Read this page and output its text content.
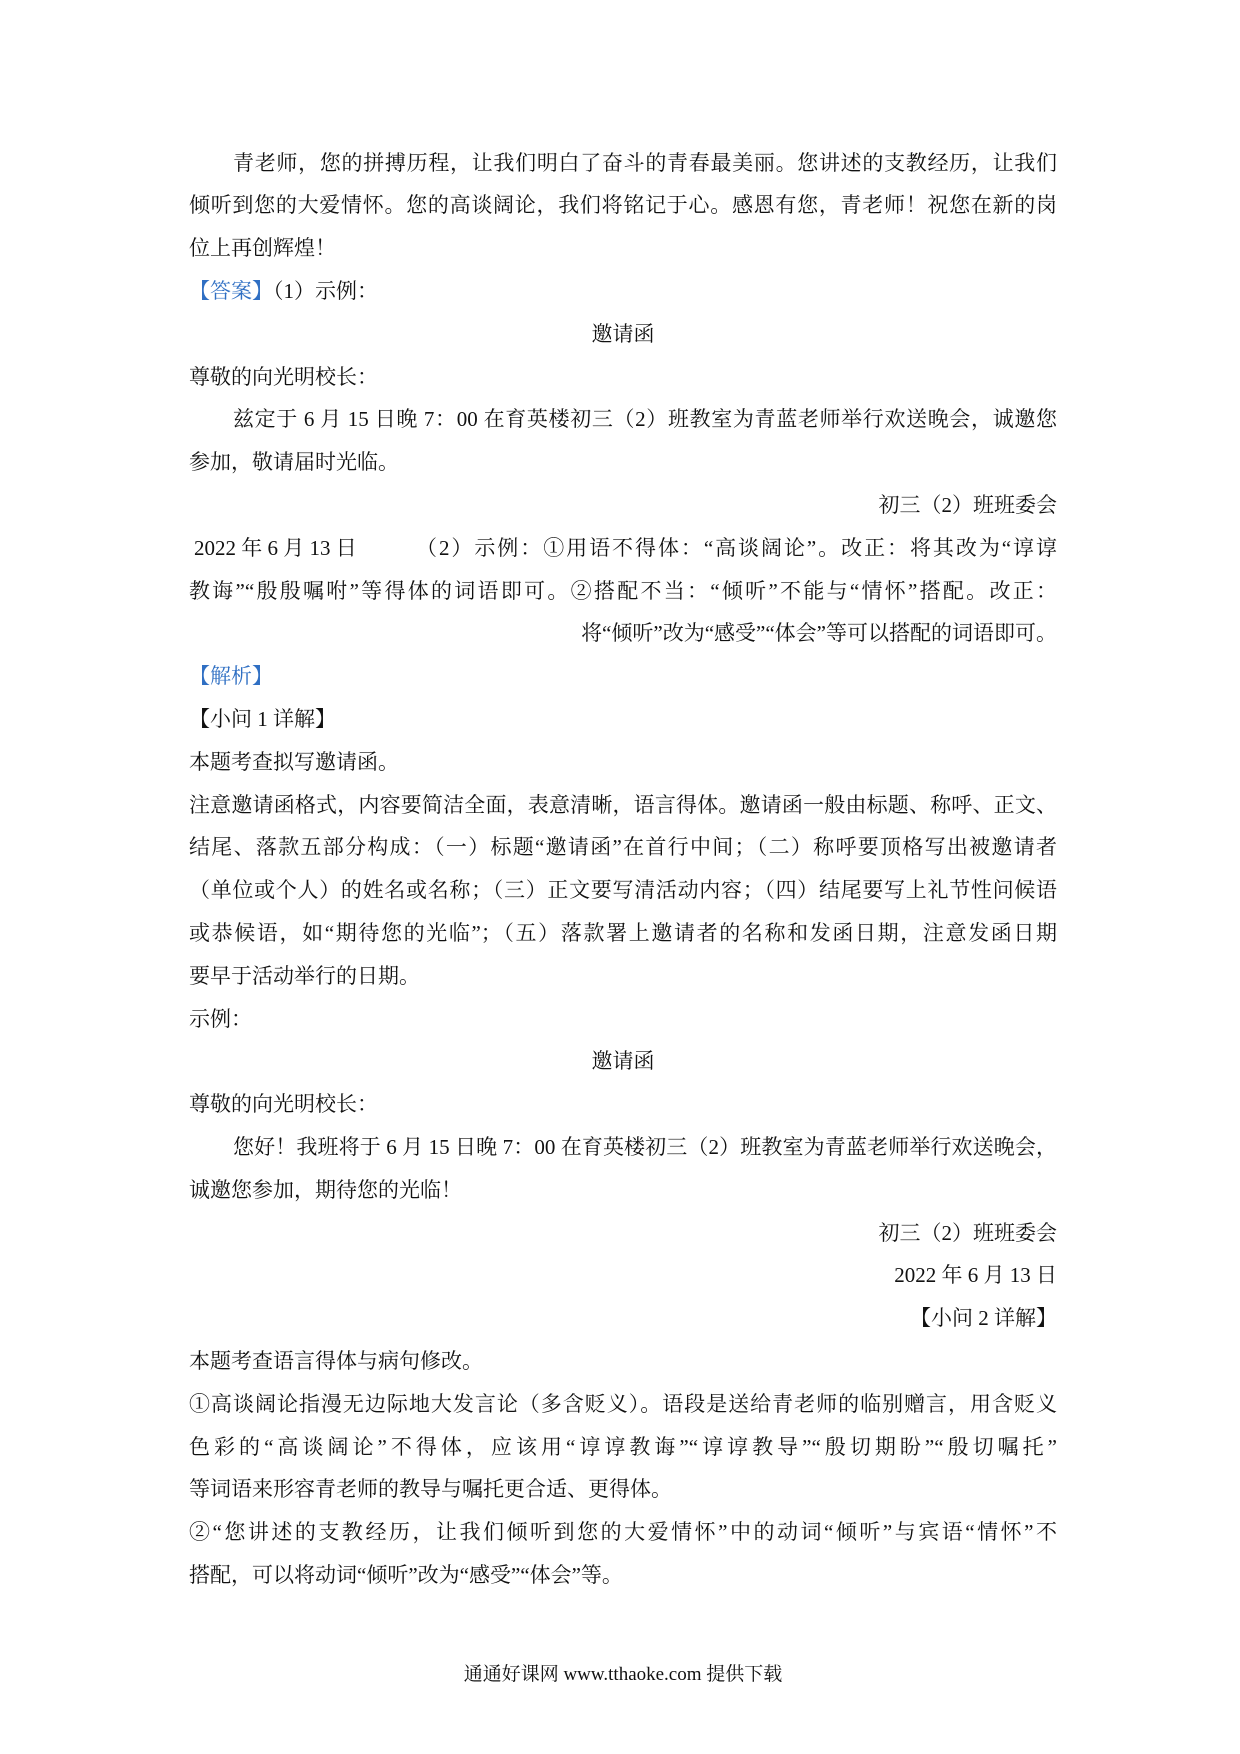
青老师，您的拼搏历程，让我们明白了奋斗的青春最美丽。您讲述的支教经历，让我们
倾听到您的大爱情怀。您的高谈阔论，我们将铭记于心。感恩有您，青老师！祝您在新的岗
位上再创辉煌！
【答案】（1）示例：
邀请函
尊敬的向光明校长：
兹定于 6 月 15 日晚 7：00 在育英楼初三（2）班教室为青蓝老师举行欢送晚会，诚邀您
参加，敬请届时光临。
初三（2）班班委会
2022 年 6 月 13 日	（2）示例：①用语不得体：“高谈阔论”。改正：将其改为“谆谆
教诲”“殷殷嘱咐”等得体的词语即可。②搭配不当：“倾听”不能与“情怀”搭配。改正：
将“倾听”改为“感受”“体会”等可以搭配的词语即可。
【解析】
【小问 1 详解】
本题考查拟写邀请函。
注意邀请函格式，内容要简洁全面，表意清晰，语言得体。邀请函一般由标题、称呼、正文、
结尾、落款五部分构成：（一）标题“邀请函”在首行中间；（二）称呼要顶格写出被邀请者
（单位或个人）的姓名或名称；（三）正文要写清活动内容；（四）结尾要写上礼节性问候语
或恭候语，如“期待您的光临”；（五）落款署上邀请者的名称和发函日期，注意发函日期
要早于活动举行的日期。
示例：
邀请函
尊敬的向光明校长：
您好！我班将于 6 月 15 日晚 7：00 在育英楼初三（2）班教室为青蓝老师举行欢送晚会，
诚邀您参加，期待您的光临！
初三（2）班班委会
2022 年 6 月 13 日
【小问 2 详解】
本题考查语言得体与病句修改。
①高谈阔论指漫无边际地大发言论（多含贬义）。语段是送给青老师的临别赠言，用含贬义
色彩的“高谈阔论”不得体，应该用“谆谆教诲”“谆谆教导”“殷切期盼”“殷切嘱托”
等词语来形容青老师的教导与嘱托更合适、更得体。
②“您讲述的支教经历，让我们倾听到您的大爱情怀”中的动词“倾听”与宾语“情怀”不
搭配，可以将动词“倾听”改为“感受”“体会”等。
通通好课网 www.tthaoke.com 提供下载
